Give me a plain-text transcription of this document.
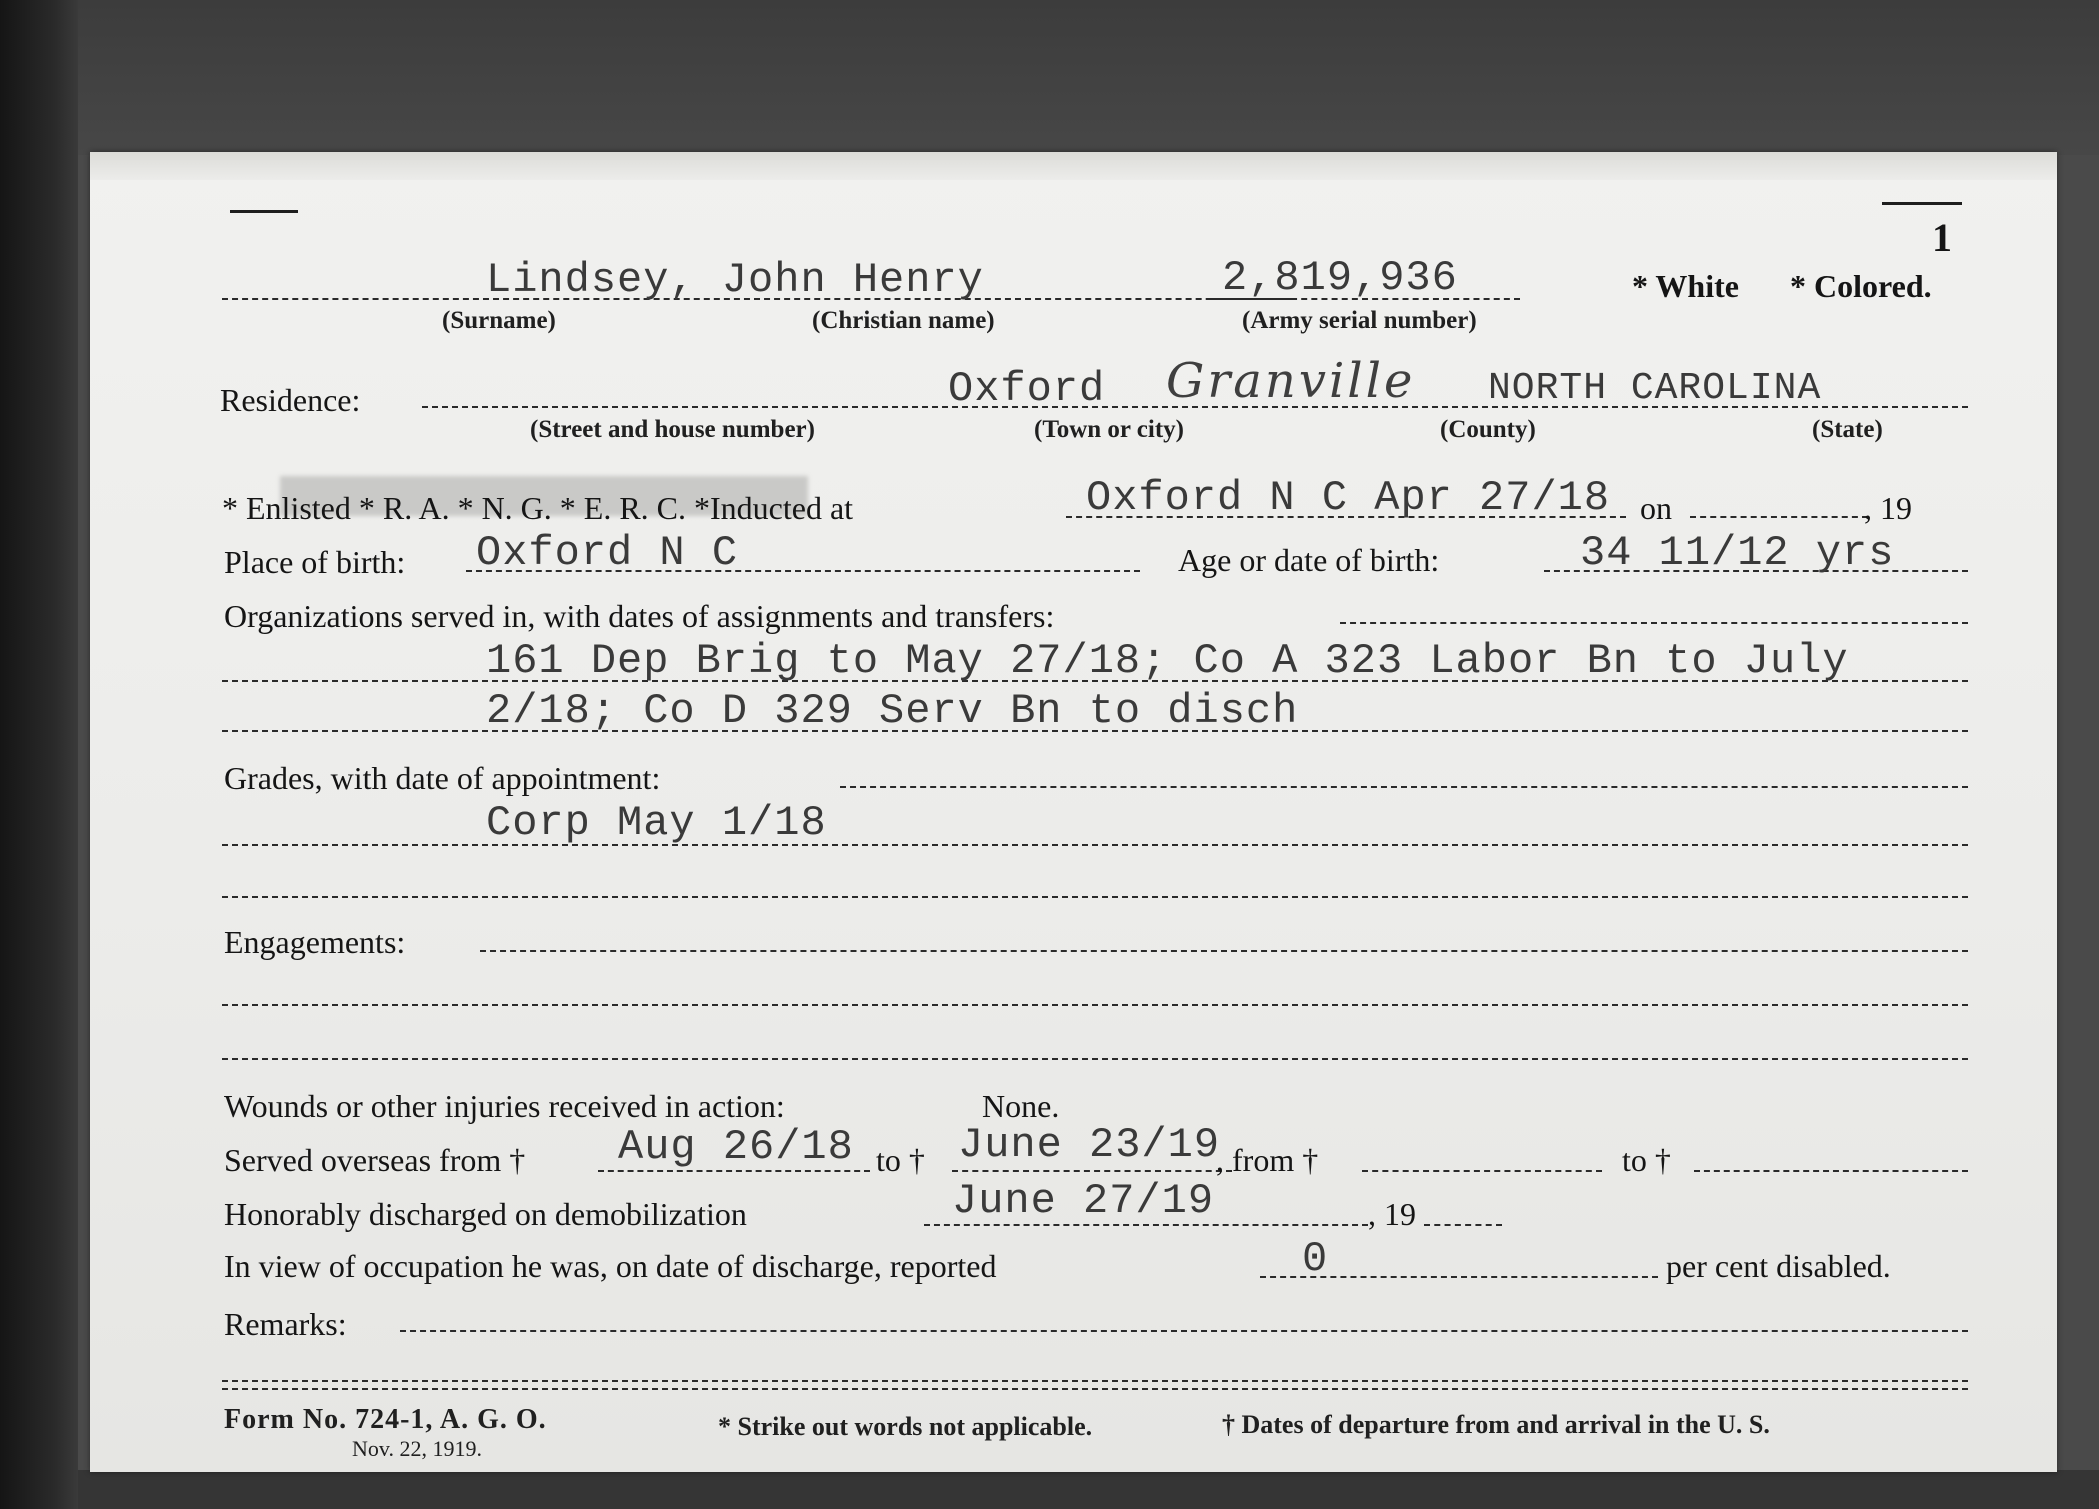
1
Lindsey, John Henry	2,819,936	* White * Colored.
(Surname)	(Christian name)	(Army serial number)
Residence:	Oxford Granville NORTH CAROLINA
(Street and house number)	(Town or city)	(County)	(State)
* Enlisted * R. A. * N. G. * E. R. C. *Inducted at	Oxford N C Apr 27/18 on	, 19
Place of birth: Oxford N C	Age or date of birth:	34 11/12 yrs
Organizations served in, with dates of assignments and transfers:
161 Dep Brig to May 27/18; Co A 323 Labor Bn to July
2/18; Co D 329 Serv Bn to disch
Grades, with date of appointment:
Corp May 1/18
Engagements:
Wounds or other injuries received in action:	None.
Served overseas from † Aug 26/18 to † June 23/19
, from †	to †
Honorably discharged on demobilization	June 27/19	, 19
In view of occupation he was, on date of discharge, reported	0	per cent disabled.
Remarks:
Form No. 724-1, A. G. O.
Nov. 22, 1919.
* Strike out words not applicable.	† Dates of departure from and arrival in the U. S.
